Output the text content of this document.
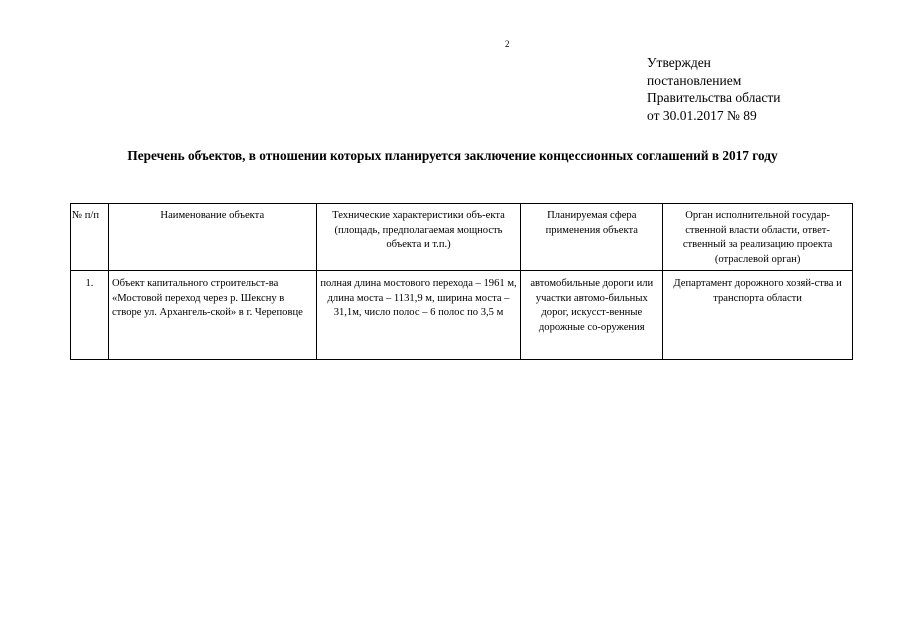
2
Утвержден
постановлением
Правительства области
от 30.01.2017 № 89
Перечень объектов, в отношении которых планируется заключение концессионных соглашений в 2017 году
№ п/п	Наименование объекта	Технические характеристики объ-екта (площадь, предполагаемая мощность объекта и т.п.)	Планируемая сфера применения объекта	Орган исполнительной государ-ственной власти области, ответ-ственный за реализацию проекта (отраслевой орган)
1.	Объект капитального строительст-ва «Мостовой переход через р. Шексну в створе ул. Архангель-ской» в г. Череповце	полная длина мостового перехода – 1961 м, длина моста – 1131,9 м, ширина моста – 31,1м, число полос – 6 полос по 3,5 м	автомобильные дороги или участки автомо-бильных дорог, искусст-венные дорожные со-оружения	Департамент дорожного хозяй-ства и транспорта области
